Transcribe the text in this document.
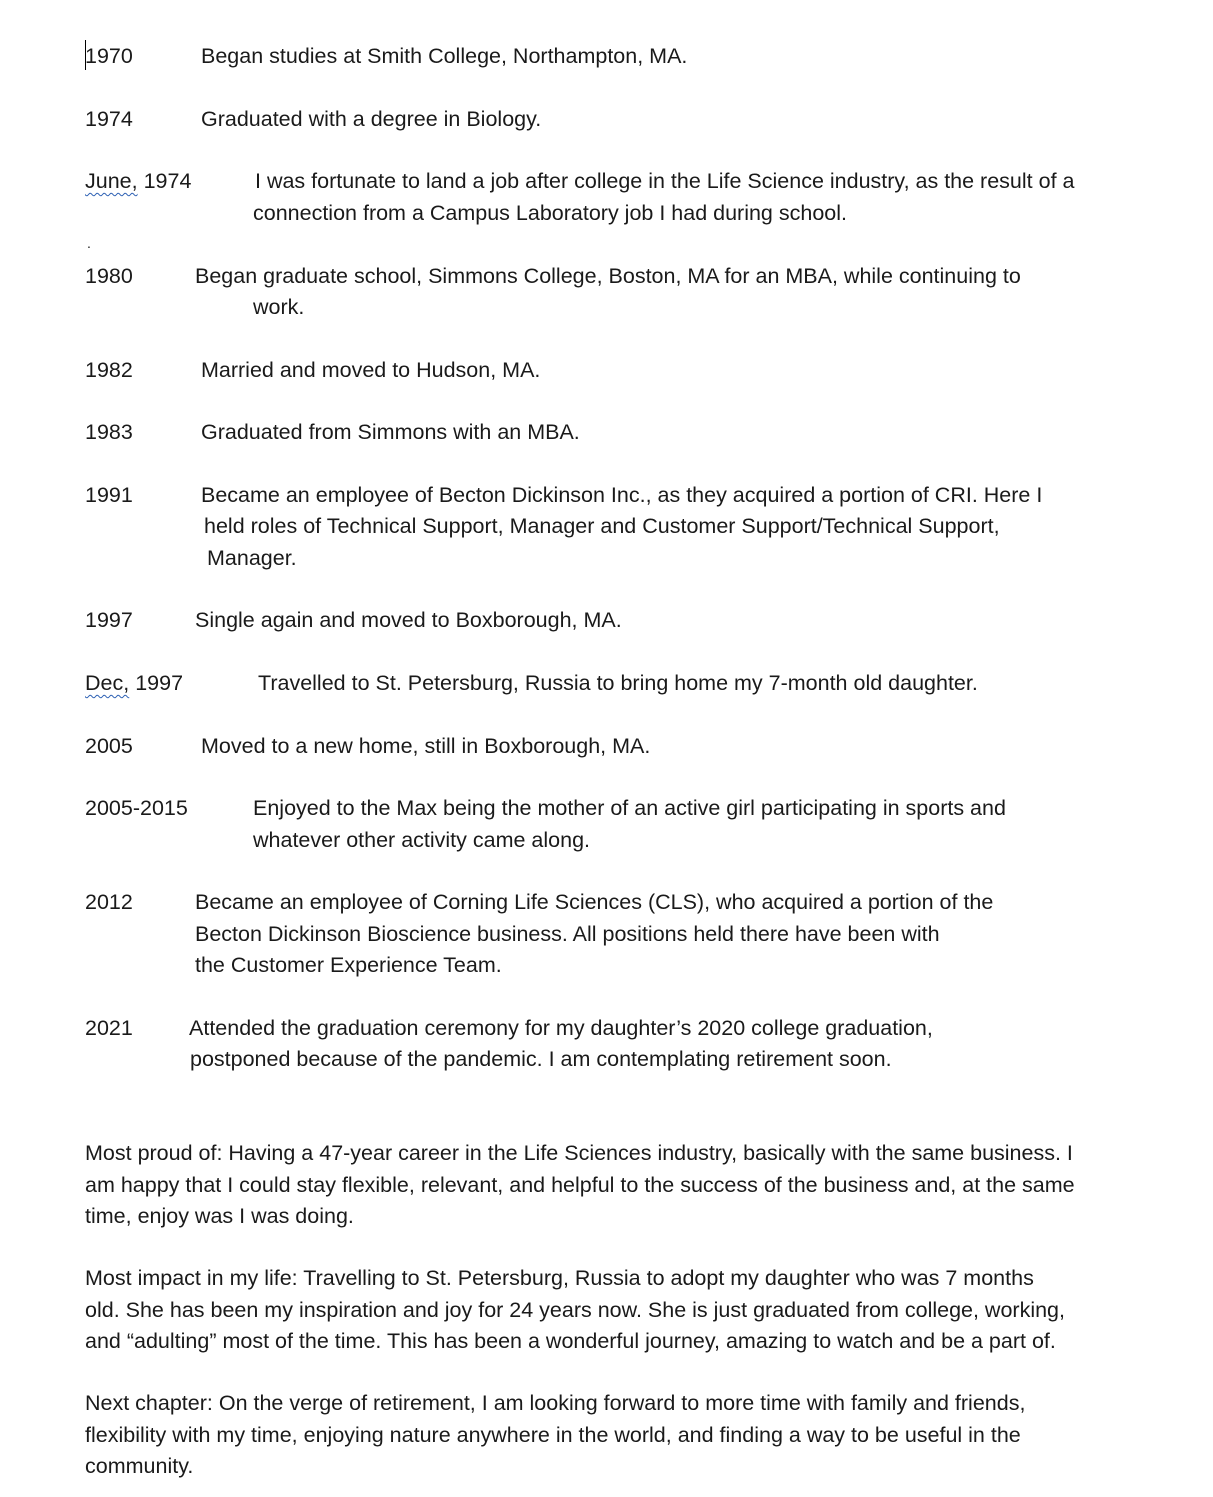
1970	Began studies at Smith College, Northampton, MA.
1974	Graduated with a degree in Biology.
June, 1974	I was fortunate to land a job after college in the Life Science industry, as the result of a
connection from a Campus Laboratory job I had during school.
1980	Began graduate school, Simmons College, Boston, MA for an MBA, while continuing to
work.
1982	Married and moved to Hudson, MA.
1983	Graduated from Simmons with an MBA.
1991	Became an employee of Becton Dickinson Inc., as they acquired a portion of CRI. Here I
held roles of Technical Support, Manager and Customer Support/Technical Support,
Manager.
1997	Single again and moved to Boxborough, MA.
Dec, 1997	Travelled to St. Petersburg, Russia to bring home my 7-month old daughter.
2005	Moved to a new home, still in Boxborough, MA.
2005-2015	Enjoyed to the Max being the mother of an active girl participating in sports and
whatever other activity came along.
2012	Became an employee of Corning Life Sciences (CLS), who acquired a portion of the
Becton Dickinson Bioscience business. All positions held there have been with
the Customer Experience Team.
2021	Attended the graduation ceremony for my daughter’s 2020 college graduation,
postponed because of the pandemic. I am contemplating retirement soon.
.
Most proud of: Having a 47-year career in the Life Sciences industry, basically with the same business. I
am happy that I could stay flexible, relevant, and helpful to the success of the business and, at the same
time, enjoy was I was doing.
Most impact in my life: Travelling to St. Petersburg, Russia to adopt my daughter who was 7 months
old. She has been my inspiration and joy for 24 years now. She is just graduated from college, working,
and “adulting” most of the time. This has been a wonderful journey, amazing to watch and be a part of.
Next chapter: On the verge of retirement, I am looking forward to more time with family and friends,
flexibility with my time, enjoying nature anywhere in the world, and finding a way to be useful in the
community.
